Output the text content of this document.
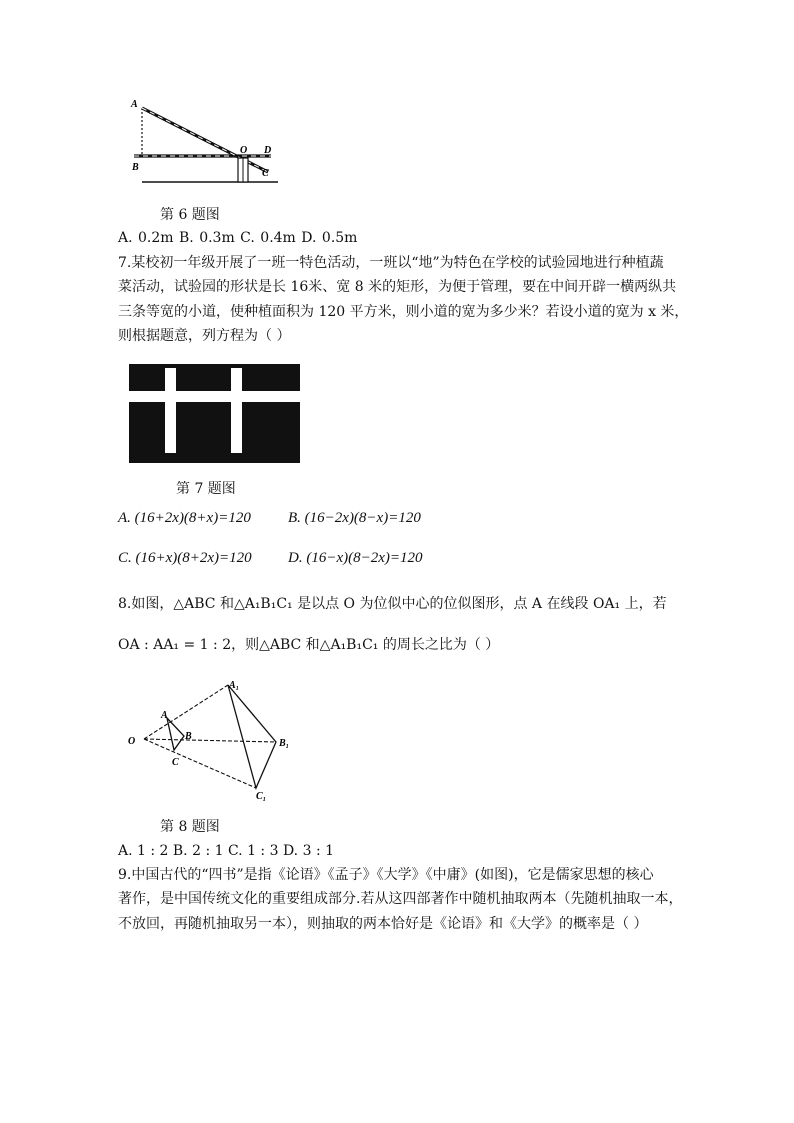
A
B
O D
C
第 6 题图
A. 0.2m B. 0.3m C. 0.4m D. 0.5m
7.某校初一年级开展了一班一特色活动，一班以“地”为特色在学校的试验园地进行种植蔬
菜活动，试验园的形状是长 16米、宽 8 米的矩形，为便于管理，要在中间开辟一横两纵共
三条等宽的小道，使种植面积为 120 平方米，则小道的宽为多少米？若设小道的宽为 x 米，
则根据题意，列方程为（ ）
第 7 题图
A. (16+2x)(8+x)=120 B. (16−2x)(8−x)=120
C. (16+x)(8+2x)=120 D. (16−x)(8−2x)=120
8.如图，△ABC 和△A₁B₁C₁ 是以点 O 为位似中心的位似图形，点 A 在线段 OA₁ 上，若
OA : AA₁ = 1 : 2，则△ABC 和△A₁B₁C₁ 的周长之比为（ ）
O
A
B
C
A₁
B₁
C₁
第 8 题图
A. 1 : 2 B. 2 : 1 C. 1 : 3 D. 3 : 1
9.中国古代的“四书”是指《论语》《孟子》《大学》《中庸》(如图)，它是儒家思想的核心
著作，是中国传统文化的重要组成部分.若从这四部著作中随机抽取两本（先随机抽取一本，
不放回，再随机抽取另一本），则抽取的两本恰好是《论语》和《大学》的概率是（ ）
